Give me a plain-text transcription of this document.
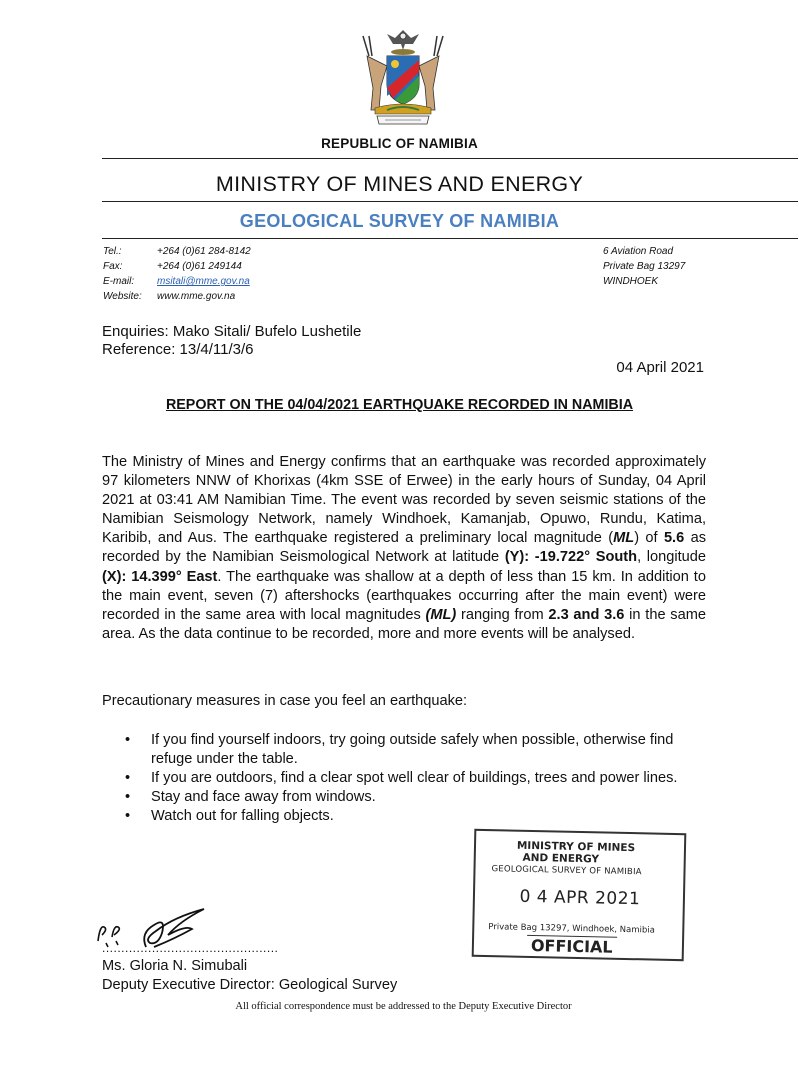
REPUBLIC OF NAMIBIA
MINISTRY OF MINES AND ENERGY
GEOLOGICAL SURVEY OF NAMIBIA
Tel.:	+264 (0)61 284-8142
Fax:	+264 (0)61 249144
E-mail:	msitali@mme.gov.na
Website:	www.mme.gov.na
6 Aviation Road
Private Bag 13297
WINDHOEK
Enquiries: Mako Sitali/ Bufelo Lushetile
Reference: 13/4/11/3/6
04 April 2021
REPORT ON THE 04/04/2021 EARTHQUAKE RECORDED IN NAMIBIA
The Ministry of Mines and Energy confirms that an earthquake was recorded approximately 97 kilometers NNW of Khorixas (4km SSE of Erwee) in the early hours of Sunday, 04 April 2021 at 03:41 AM Namibian Time. The event was recorded by seven seismic stations of the Namibian Seismology Network, namely Windhoek, Kamanjab, Opuwo, Rundu, Katima, Karibib, and Aus. The earthquake registered a preliminary local magnitude (ML) of 5.6 as recorded by the Namibian Seismological Network at latitude (Y): -19.722° South, longitude (X): 14.399° East. The earthquake was shallow at a depth of less than 15 km. In addition to the main event, seven (7) aftershocks (earthquakes occurring after the main event) were recorded in the same area with local magnitudes (ML) ranging from 2.3 and 3.6 in the same area. As the data continue to be recorded, more and more events will be analysed.
Precautionary measures in case you feel an earthquake:
• If you find yourself indoors, try going outside safely when possible, otherwise find refuge under the table.
• If you are outdoors, find a clear spot well clear of buildings, trees and power lines.
• Stay and face away from windows.
• Watch out for falling objects.
MINISTRY OF MINES
AND ENERGY
GEOLOGICAL SURVEY OF NAMIBIA
0 4 APR 2021
Private Bag 13297, Windhoek, Namibia
OFFICIAL
..............................................
Ms. Gloria N. Simubali
Deputy Executive Director: Geological Survey
All official correspondence must be addressed to the Deputy Executive Director
